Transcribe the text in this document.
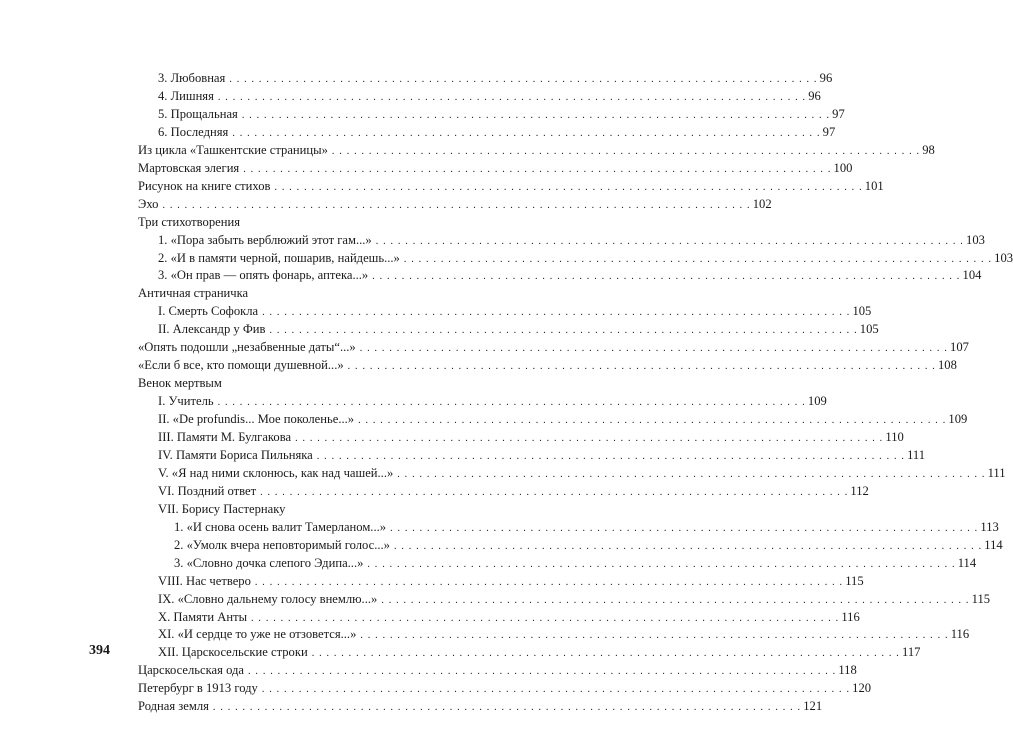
3. Любовная . . . . . . . . . . . . . . . . . . . . . . . . . . . . . . . . . . . . . . . . . . . . . . . . . . . . . . . . . . . . . . . . . . . . . . . . . . . . . . . . 96
4. Лишняя . . . . . . . . . . . . . . . . . . . . . . . . . . . . . . . . . . . . . . . . . . . . . . . . . . . . . . . . . . . . . . . . . . . . . . . . . . . . . . . . 96
5. Прощальная . . . . . . . . . . . . . . . . . . . . . . . . . . . . . . . . . . . . . . . . . . . . . . . . . . . . . . . . . . . . . . . . . . . . . . . . . . . . . . . . 97
6. Последняя . . . . . . . . . . . . . . . . . . . . . . . . . . . . . . . . . . . . . . . . . . . . . . . . . . . . . . . . . . . . . . . . . . . . . . . . . . . . . . . . 97
Из цикла «Ташкентские страницы» . . . . . . . . . . . . . . . . . . . . . . . . . . . . . . . . . . . . . . . . . . . . . . . . . . . . . . . . . . . . . . . . . . . . . . . . . . . . . . . . 98
Мартовская элегия . . . . . . . . . . . . . . . . . . . . . . . . . . . . . . . . . . . . . . . . . . . . . . . . . . . . . . . . . . . . . . . . . . . . . . . . . . . . . . . . 100
Рисунок на книге стихов . . . . . . . . . . . . . . . . . . . . . . . . . . . . . . . . . . . . . . . . . . . . . . . . . . . . . . . . . . . . . . . . . . . . . . . . . . . . . . . . 101
Эхо . . . . . . . . . . . . . . . . . . . . . . . . . . . . . . . . . . . . . . . . . . . . . . . . . . . . . . . . . . . . . . . . . . . . . . . . . . . . . . . . 102
Три стихотворения
1. «Пора забыть верблюжий этот гам...» . . . . . . . . . . . . . . . . . . . . . . . . . . . . . . . . . . . . . . . . . . . . . . . . . . . . . . . . . . . . . . . . . . . . . . . . . . . . . . . . 103
2. «И в памяти черной, пошарив, найдешь...» . . . . . . . . . . . . . . . . . . . . . . . . . . . . . . . . . . . . . . . . . . . . . . . . . . . . . . . . . . . . . . . . . . . . . . . . . . . . . . . . 103
3. «Он прав — опять фонарь, аптека...» . . . . . . . . . . . . . . . . . . . . . . . . . . . . . . . . . . . . . . . . . . . . . . . . . . . . . . . . . . . . . . . . . . . . . . . . . . . . . . . . 104
Античная страничка
I. Смерть Софокла . . . . . . . . . . . . . . . . . . . . . . . . . . . . . . . . . . . . . . . . . . . . . . . . . . . . . . . . . . . . . . . . . . . . . . . . . . . . . . . . 105
II. Александр у Фив . . . . . . . . . . . . . . . . . . . . . . . . . . . . . . . . . . . . . . . . . . . . . . . . . . . . . . . . . . . . . . . . . . . . . . . . . . . . . . . . 105
«Опять подошли „незабвенные даты“...» . . . . . . . . . . . . . . . . . . . . . . . . . . . . . . . . . . . . . . . . . . . . . . . . . . . . . . . . . . . . . . . . . . . . . . . . . . . . . . . . 107
«Если б все, кто помощи душевной...» . . . . . . . . . . . . . . . . . . . . . . . . . . . . . . . . . . . . . . . . . . . . . . . . . . . . . . . . . . . . . . . . . . . . . . . . . . . . . . . . 108
Венок мертвым
I. Учитель . . . . . . . . . . . . . . . . . . . . . . . . . . . . . . . . . . . . . . . . . . . . . . . . . . . . . . . . . . . . . . . . . . . . . . . . . . . . . . . . 109
II. «De profundis... Мое поколенье...» . . . . . . . . . . . . . . . . . . . . . . . . . . . . . . . . . . . . . . . . . . . . . . . . . . . . . . . . . . . . . . . . . . . . . . . . . . . . . . . . 109
III. Памяти М. Булгакова . . . . . . . . . . . . . . . . . . . . . . . . . . . . . . . . . . . . . . . . . . . . . . . . . . . . . . . . . . . . . . . . . . . . . . . . . . . . . . . . 110
IV. Памяти Бориса Пильняка . . . . . . . . . . . . . . . . . . . . . . . . . . . . . . . . . . . . . . . . . . . . . . . . . . . . . . . . . . . . . . . . . . . . . . . . . . . . . . . . 111
V. «Я над ними склонюсь, как над чашей...» . . . . . . . . . . . . . . . . . . . . . . . . . . . . . . . . . . . . . . . . . . . . . . . . . . . . . . . . . . . . . . . . . . . . . . . . . . . . . . . . 111
VI. Поздний ответ . . . . . . . . . . . . . . . . . . . . . . . . . . . . . . . . . . . . . . . . . . . . . . . . . . . . . . . . . . . . . . . . . . . . . . . . . . . . . . . . 112
VII. Борису Пастернаку
1. «И снова осень валит Тамерланом...» . . . . . . . . . . . . . . . . . . . . . . . . . . . . . . . . . . . . . . . . . . . . . . . . . . . . . . . . . . . . . . . . . . . . . . . . . . . . . . . . 113
2. «Умолк вчера неповторимый голос...» . . . . . . . . . . . . . . . . . . . . . . . . . . . . . . . . . . . . . . . . . . . . . . . . . . . . . . . . . . . . . . . . . . . . . . . . . . . . . . . . 114
3. «Словно дочка слепого Эдипа...» . . . . . . . . . . . . . . . . . . . . . . . . . . . . . . . . . . . . . . . . . . . . . . . . . . . . . . . . . . . . . . . . . . . . . . . . . . . . . . . . 114
VIII. Нас четверо . . . . . . . . . . . . . . . . . . . . . . . . . . . . . . . . . . . . . . . . . . . . . . . . . . . . . . . . . . . . . . . . . . . . . . . . . . . . . . . . 115
IX. «Словно дальнему голосу внемлю...» . . . . . . . . . . . . . . . . . . . . . . . . . . . . . . . . . . . . . . . . . . . . . . . . . . . . . . . . . . . . . . . . . . . . . . . . . . . . . . . . 115
X. Памяти Анты . . . . . . . . . . . . . . . . . . . . . . . . . . . . . . . . . . . . . . . . . . . . . . . . . . . . . . . . . . . . . . . . . . . . . . . . . . . . . . . . 116
XI. «И сердце то уже не отзовется...» . . . . . . . . . . . . . . . . . . . . . . . . . . . . . . . . . . . . . . . . . . . . . . . . . . . . . . . . . . . . . . . . . . . . . . . . . . . . . . . . 116
XII. Царскосельские строки . . . . . . . . . . . . . . . . . . . . . . . . . . . . . . . . . . . . . . . . . . . . . . . . . . . . . . . . . . . . . . . . . . . . . . . . . . . . . . . . 117
Царскосельская ода . . . . . . . . . . . . . . . . . . . . . . . . . . . . . . . . . . . . . . . . . . . . . . . . . . . . . . . . . . . . . . . . . . . . . . . . . . . . . . . . 118
Петербург в 1913 году . . . . . . . . . . . . . . . . . . . . . . . . . . . . . . . . . . . . . . . . . . . . . . . . . . . . . . . . . . . . . . . . . . . . . . . . . . . . . . . . 120
Родная земля . . . . . . . . . . . . . . . . . . . . . . . . . . . . . . . . . . . . . . . . . . . . . . . . . . . . . . . . . . . . . . . . . . . . . . . . . . . . . . . . 121
394
